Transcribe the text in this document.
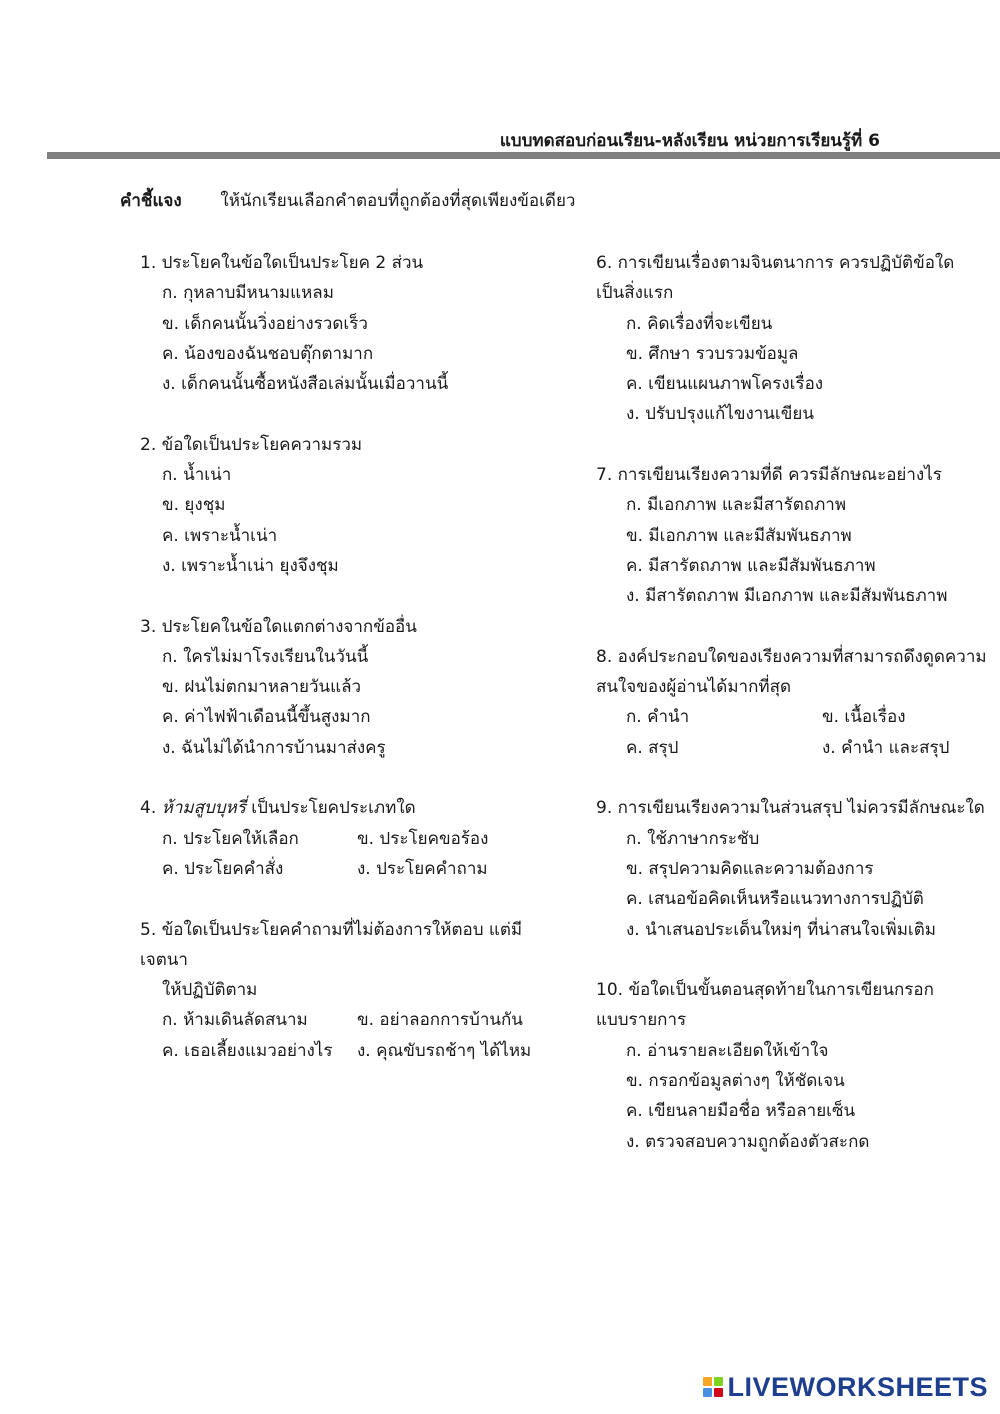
แบบทดสอบก่อนเรียน-หลังเรียน หน่วยการเรียนรู้ที่ 6
คำชี้แจง ให้นักเรียนเลือกคำตอบที่ถูกต้องที่สุดเพียงข้อเดียว
1. ประโยคในข้อใดเป็นประโยค 2 ส่วน
ก. กุหลาบมีหนามแหลม
ข. เด็กคนนั้นวิ่งอย่างรวดเร็ว
ค. น้องของฉันชอบตุ๊กตามาก
ง. เด็กคนนั้นซื้อหนังสือเล่มนั้นเมื่อวานนี้
2. ข้อใดเป็นประโยคความรวม
ก. น้ำเน่า
ข. ยุงชุม
ค. เพราะน้ำเน่า
ง. เพราะน้ำเน่า ยุงจึงชุม
3. ประโยคในข้อใดแตกต่างจากข้ออื่น
ก. ใครไม่มาโรงเรียนในวันนี้
ข. ฝนไม่ตกมาหลายวันแล้ว
ค. ค่าไฟฟ้าเดือนนี้ขึ้นสูงมาก
ง. ฉันไม่ได้นำการบ้านมาส่งครู
4. ห้ามสูบบุหรี่ เป็นประโยคประเภทใด
ก. ประโยคให้เลือก	ข. ประโยคขอร้อง
ค. ประโยคคำสั่ง	ง. ประโยคคำถาม
5. ข้อใดเป็นประโยคคำถามที่ไม่ต้องการให้ตอบ แต่มี
เจตนา
ให้ปฏิบัติตาม
ก. ห้ามเดินลัดสนาม	ข. อย่าลอกการบ้านกัน
ค. เธอเลี้ยงแมวอย่างไร ง. คุณขับรถช้าๆ ได้ไหม
6. การเขียนเรื่องตามจินตนาการ ควรปฏิบัติข้อใด
เป็นสิ่งแรก
ก. คิดเรื่องที่จะเขียน
ข. ศึกษา รวบรวมข้อมูล
ค. เขียนแผนภาพโครงเรื่อง
ง. ปรับปรุงแก้ไขงานเขียน
7. การเขียนเรียงความที่ดี ควรมีลักษณะอย่างไร
ก. มีเอกภาพ และมีสารัตถภาพ
ข. มีเอกภาพ และมีสัมพันธภาพ
ค. มีสารัตถภาพ และมีสัมพันธภาพ
ง. มีสารัตถภาพ มีเอกภาพ และมีสัมพันธภาพ
8. องค์ประกอบใดของเรียงความที่สามารถดึงดูดความ
สนใจของผู้อ่านได้มากที่สุด
ก. คำนำ	ข. เนื้อเรื่อง
ค. สรุป	ง. คำนำ และสรุป
9. การเขียนเรียงความในส่วนสรุป ไม่ควรมีลักษณะใด
ก. ใช้ภาษากระชับ
ข. สรุปความคิดและความต้องการ
ค. เสนอข้อคิดเห็นหรือแนวทางการปฏิบัติ
ง. นำเสนอประเด็นใหม่ๆ ที่น่าสนใจเพิ่มเติม
10. ข้อใดเป็นขั้นตอนสุดท้ายในการเขียนกรอก
แบบรายการ
ก. อ่านรายละเอียดให้เข้าใจ
ข. กรอกข้อมูลต่างๆ ให้ชัดเจน
ค. เขียนลายมือชื่อ หรือลายเซ็น
ง. ตรวจสอบความถูกต้องตัวสะกด
LIVEWORKSHEETS
